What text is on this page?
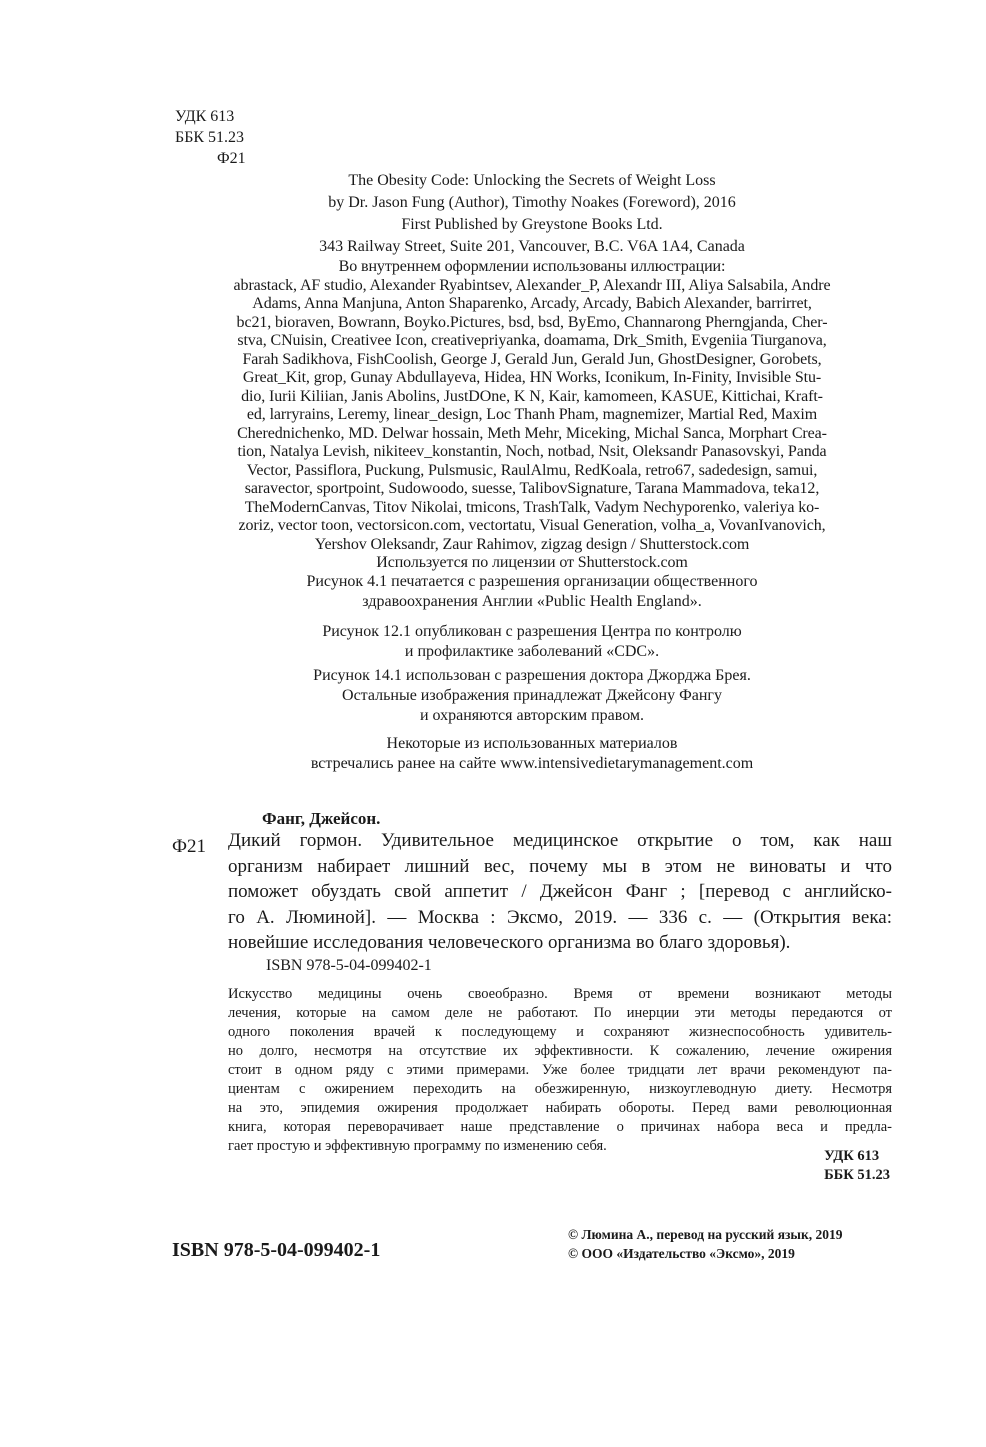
УДК 613
ББК 51.23
Ф21
The Obesity Code: Unlocking the Secrets of Weight Loss
by Dr. Jason Fung (Author), Timothy Noakes (Foreword), 2016
First Published by Greystone Books Ltd.
343 Railway Street, Suite 201, Vancouver, B.C. V6A 1A4, Canada
Во внутреннем оформлении использованы иллюстрации:
abrastack, AF studio, Alexander Ryabintsev, Alexander_P, Alexandr III, Aliya Salsabila, Andre
Adams, Anna Manjuna, Anton Shaparenko, Arcady, Arcady, Babich Alexander, barrirret,
bc21, bioraven, Bowrann, Boyko.Pictures, bsd, bsd, ByEmo, Channarong Pherngjanda, Cher-
stva, CNuisin, Creativee Icon, creativepriyanka, doamama, Drk_Smith, Evgeniia Tiurganova,
Farah Sadikhova, FishCoolish, George J, Gerald Jun, Gerald Jun, GhostDesigner, Gorobets,
Great_Kit, grop, Gunay Abdullayeva, Hidea, HN Works, Iconikum, In-Finity, Invisible Stu-
dio, Iurii Kiliian, Janis Abolins, JustDOne, K N, Kair, kamomeen, KASUE, Kittichai, Kraft-
ed, larryrains, Leremy, linear_design, Loc Thanh Pham, magnemizer, Martial Red, Maxim
Cherednichenko, MD. Delwar hossain, Meth Mehr, Miceking, Michal Sanca, Morphart Crea-
tion, Natalya Levish, nikiteev_konstantin, Noch, notbad, Nsit, Oleksandr Panasovskyi, Panda
Vector, Passiflora, Puckung, Pulsmusic, RaulAlmu, RedKoala, retro67, sadedesign, samui,
saravector, sportpoint, Sudowoodo, suesse, TalibovSignature, Tarana Mammadova, teka12,
TheModernCanvas, Titov Nikolai, tmicons, TrashTalk, Vadym Nechyporenko, valeriya ko-
zoriz, vector toon, vectorsicon.com, vectortatu, Visual Generation, volha_a, VovanIvanovich,
Yershov Oleksandr, Zaur Rahimov, zigzag design / Shutterstock.com
Используется по лицензии от Shutterstock.com
Рисунок 4.1 печатается с разрешения организации общественного
здравоохранения Англии «Public Health England».
Рисунок 12.1 опубликован с разрешения Центра по контролю
и профилактике заболеваний «CDC».
Рисунок 14.1 использован с разрешения доктора Джорджа Брея.
Остальные изображения принадлежат Джейсону Фангу
и охраняются авторским правом.
Некоторые из использованных материалов
встречались ранее на сайте www.intensivedietarymanagement.com
Фанг, Джейсон.
Ф21 Дикий гормон. Удивительное медицинское открытие о том, как наш
организм набирает лишний вес, почему мы в этом не виноваты и что
поможет обуздать свой аппетит / Джейсон Фанг ; [перевод с английско-
го А. Люминой]. — Москва : Эксмо, 2019. — 336 с. — (Открытия века:
новейшие исследования человеческого организма во благо здоровья).
ISBN 978-5-04-099402-1
Искусство медицины очень своеобразно. Время от времени возникают методы
лечения, которые на самом деле не работают. По инерции эти методы передаются от
одного поколения врачей к последующему и сохраняют жизнеспособность удивитель-
но долго, несмотря на отсутствие их эффективности. К сожалению, лечение ожирения
стоит в одном ряду с этими примерами. Уже более тридцати лет врачи рекомендуют па-
циентам с ожирением переходить на обезжиренную, низкоуглеводную диету. Несмотря
на это, эпидемия ожирения продолжает набирать обороты. Перед вами революционная
книга, которая переворачивает наше представление о причинах набора веса и предла-
гает простую и эффективную программу по изменению себя.
УДК 613
ББК 51.23
ISBN 978-5-04-099402-1
© Люмина А., перевод на русский язык, 2019
© ООО «Издательство «Эксмо», 2019
